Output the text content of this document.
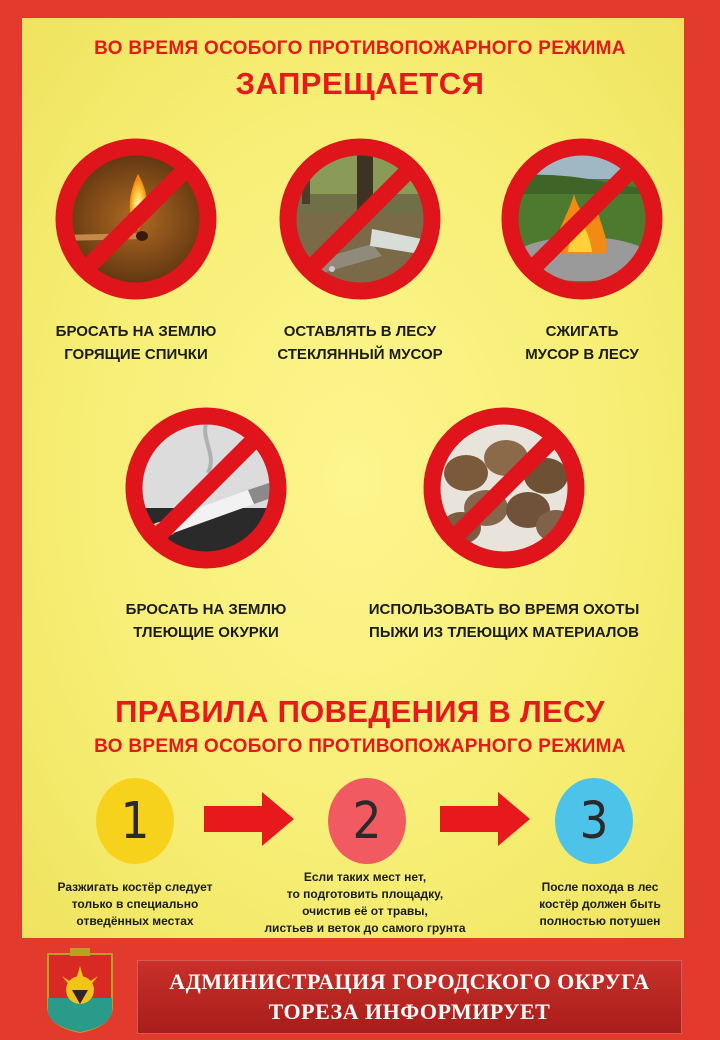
ВО ВРЕМЯ ОСОБОГО ПРОТИВОПОЖАРНОГО РЕЖИМА
ЗАПРЕЩАЕТСЯ
БРОСАТЬ НА ЗЕМЛЮ
ГОРЯЩИЕ СПИЧКИ
ОСТАВЛЯТЬ В ЛЕСУ
СТЕКЛЯННЫЙ МУСОР
СЖИГАТЬ
МУСОР В ЛЕСУ
БРОСАТЬ НА ЗЕМЛЮ
ТЛЕЮЩИЕ ОКУРКИ
ИСПОЛЬЗОВАТЬ ВО ВРЕМЯ ОХОТЫ
ПЫЖИ ИЗ ТЛЕЮЩИХ МАТЕРИАЛОВ
ПРАВИЛА ПОВЕДЕНИЯ В ЛЕСУ
ВО ВРЕМЯ ОСОБОГО ПРОТИВОПОЖАРНОГО РЕЖИМА
1	2	3
Разжигать костёр следует
только в специально
отведённых местах
Если таких мест нет,
то подготовить площадку,
очистив её от травы,
листьев и веток до самого грунта
После похода в лес
костёр должен быть
полностью потушен
АДМИНИСТРАЦИЯ ГОРОДСКОГО ОКРУГА
ТОРЕЗА ИНФОРМИРУЕТ
